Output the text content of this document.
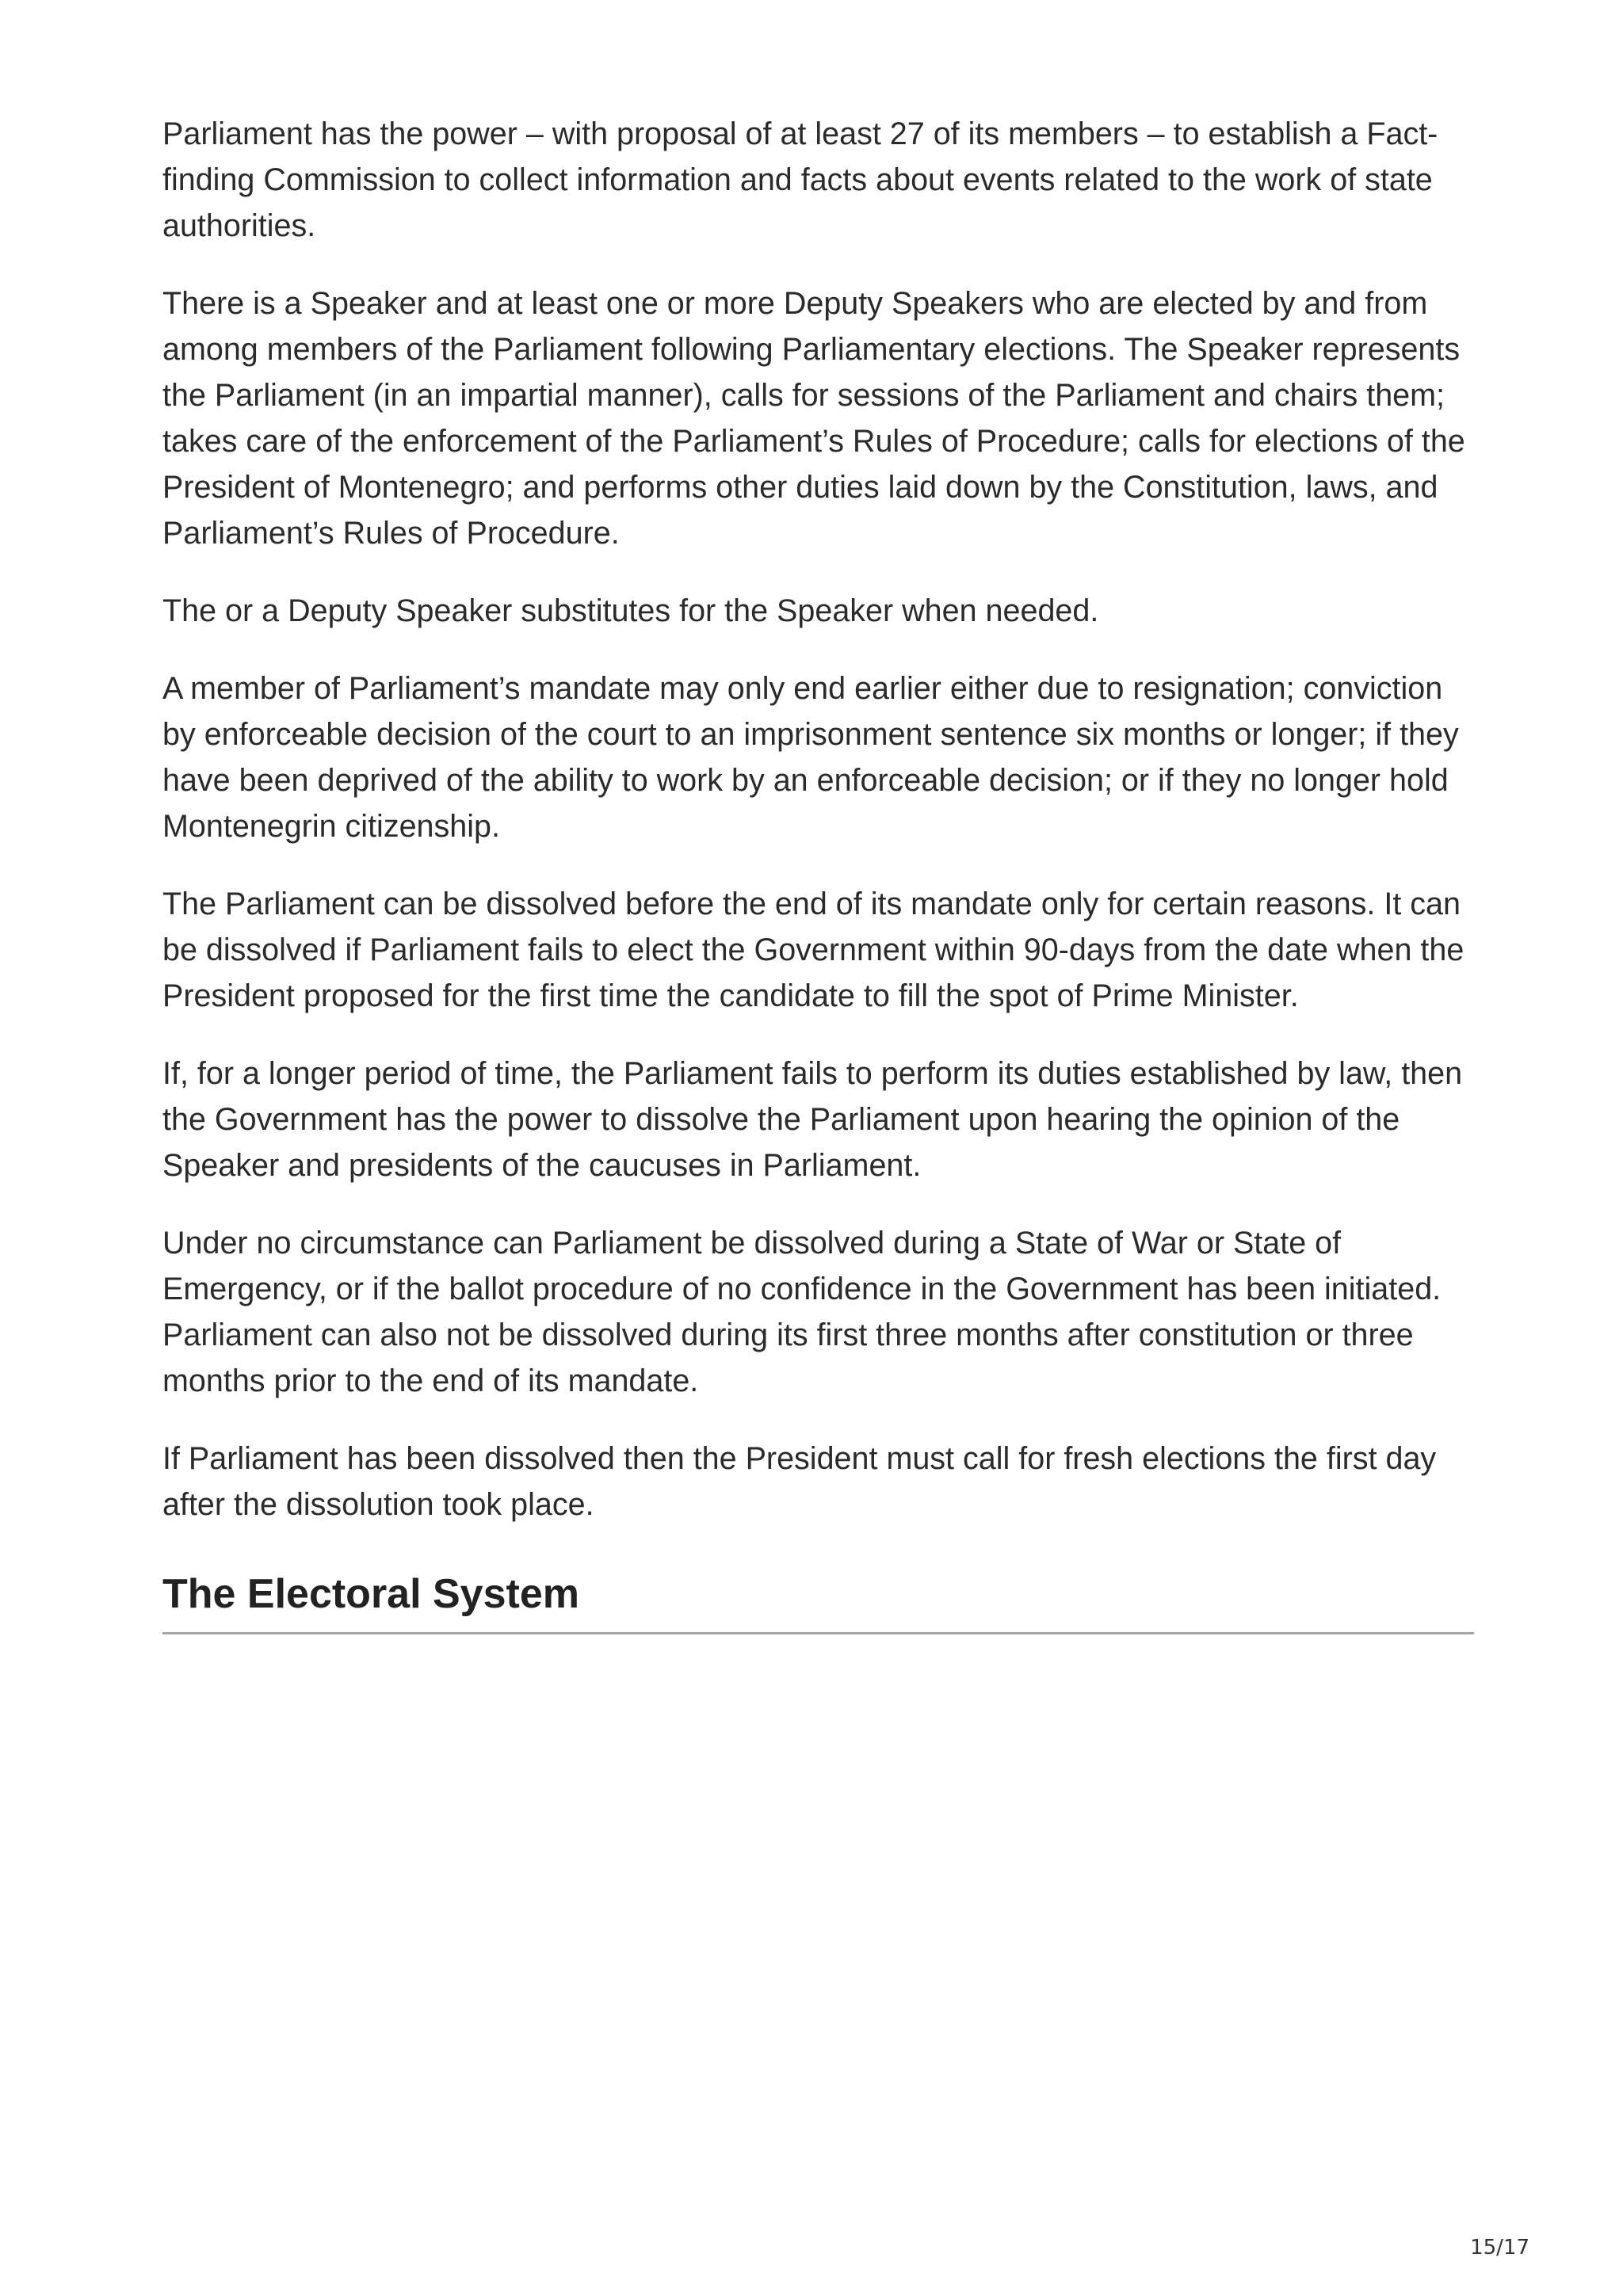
Parliament has the power – with proposal of at least 27 of its members – to establish a Fact-finding Commission to collect information and facts about events related to the work of state authorities.

There is a Speaker and at least one or more Deputy Speakers who are elected by and from among members of the Parliament following Parliamentary elections. The Speaker represents the Parliament (in an impartial manner), calls for sessions of the Parliament and chairs them; takes care of the enforcement of the Parliament’s Rules of Procedure; calls for elections of the President of Montenegro; and performs other duties laid down by the Constitution, laws, and Parliament’s Rules of Procedure.

The or a Deputy Speaker substitutes for the Speaker when needed.

A member of Parliament’s mandate may only end earlier either due to resignation; conviction by enforceable decision of the court to an imprisonment sentence six months or longer; if they have been deprived of the ability to work by an enforceable decision; or if they no longer hold Montenegrin citizenship.

The Parliament can be dissolved before the end of its mandate only for certain reasons. It can be dissolved if Parliament fails to elect the Government within 90-days from the date when the President proposed for the first time the candidate to fill the spot of Prime Minister.

If, for a longer period of time, the Parliament fails to perform its duties established by law, then the Government has the power to dissolve the Parliament upon hearing the opinion of the Speaker and presidents of the caucuses in Parliament.

Under no circumstance can Parliament be dissolved during a State of War or State of Emergency, or if the ballot procedure of no confidence in the Government has been initiated. Parliament can also not be dissolved during its first three months after constitution or three months prior to the end of its mandate.

If Parliament has been dissolved then the President must call for fresh elections the first day after the dissolution took place.

The Electoral System
15/17
